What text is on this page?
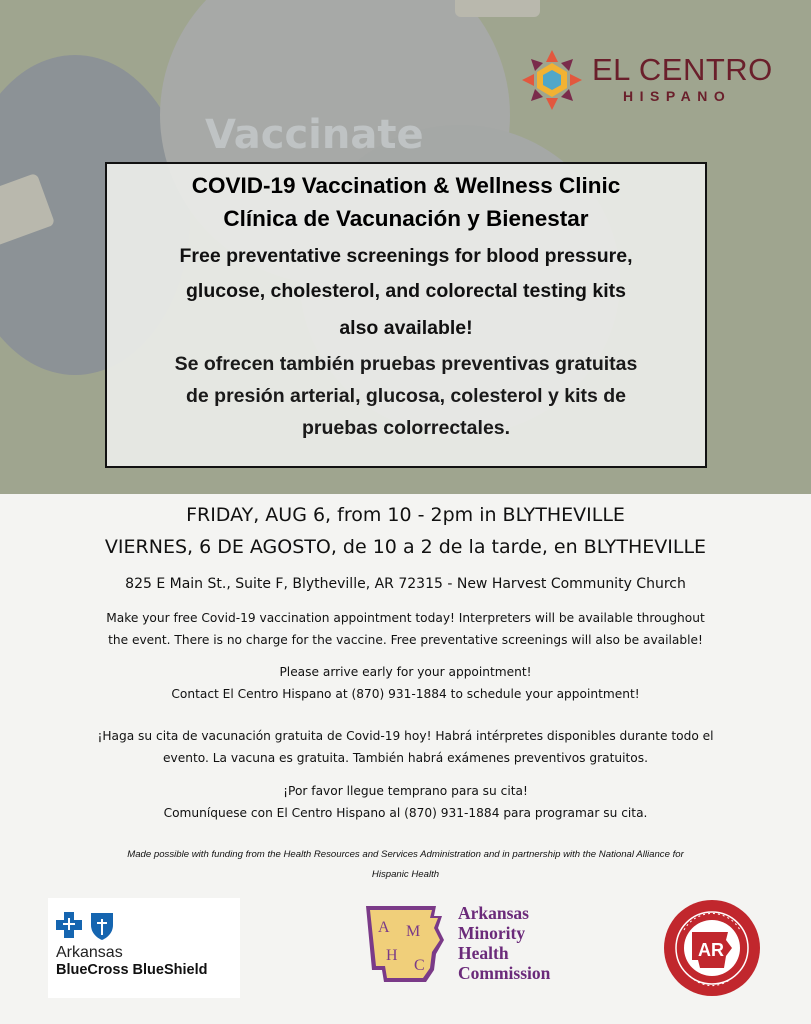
Vaccinate
EL CENTRO
HISPANO
COVID-19 Vaccination & Wellness Clinic
Clínica de Vacunación y Bienestar
Free preventative screenings for blood pressure,
glucose, cholesterol, and colorectal testing kits
also available!
Se ofrecen también pruebas preventivas gratuitas
de presión arterial, glucosa, colesterol y kits de
pruebas colorrectales.
FRIDAY, AUG 6, from 10 - 2pm in BLYTHEVILLE
VIERNES, 6 DE AGOSTO, de 10 a 2 de la tarde, en BLYTHEVILLE
825 E Main St., Suite F, Blytheville, AR 72315 - New Harvest Community Church
Make your free Covid-19 vaccination appointment today! Interpreters will be available throughout
the event. There is no charge for the vaccine. Free preventative screenings will also be available!
Please arrive early for your appointment!
Contact El Centro Hispano at (870) 931-1884 to schedule your appointment!
¡Haga su cita de vacunación gratuita de Covid-19 hoy! Habrá intérpretes disponibles durante todo el
evento. La vacuna es gratuita. También habrá exámenes preventivos gratuitos.
¡Por favor llegue temprano para su cita!
Comuníquese con El Centro Hispano al (870) 931-1884 para programar su cita.
Made possible with funding from the Health Resources and Services Administration and in partnership with the National Alliance for
Hispanic Health
Arkansas
BlueCross BlueShield
A M
H
C
Arkansas
Minority
Health
Commission
AR
